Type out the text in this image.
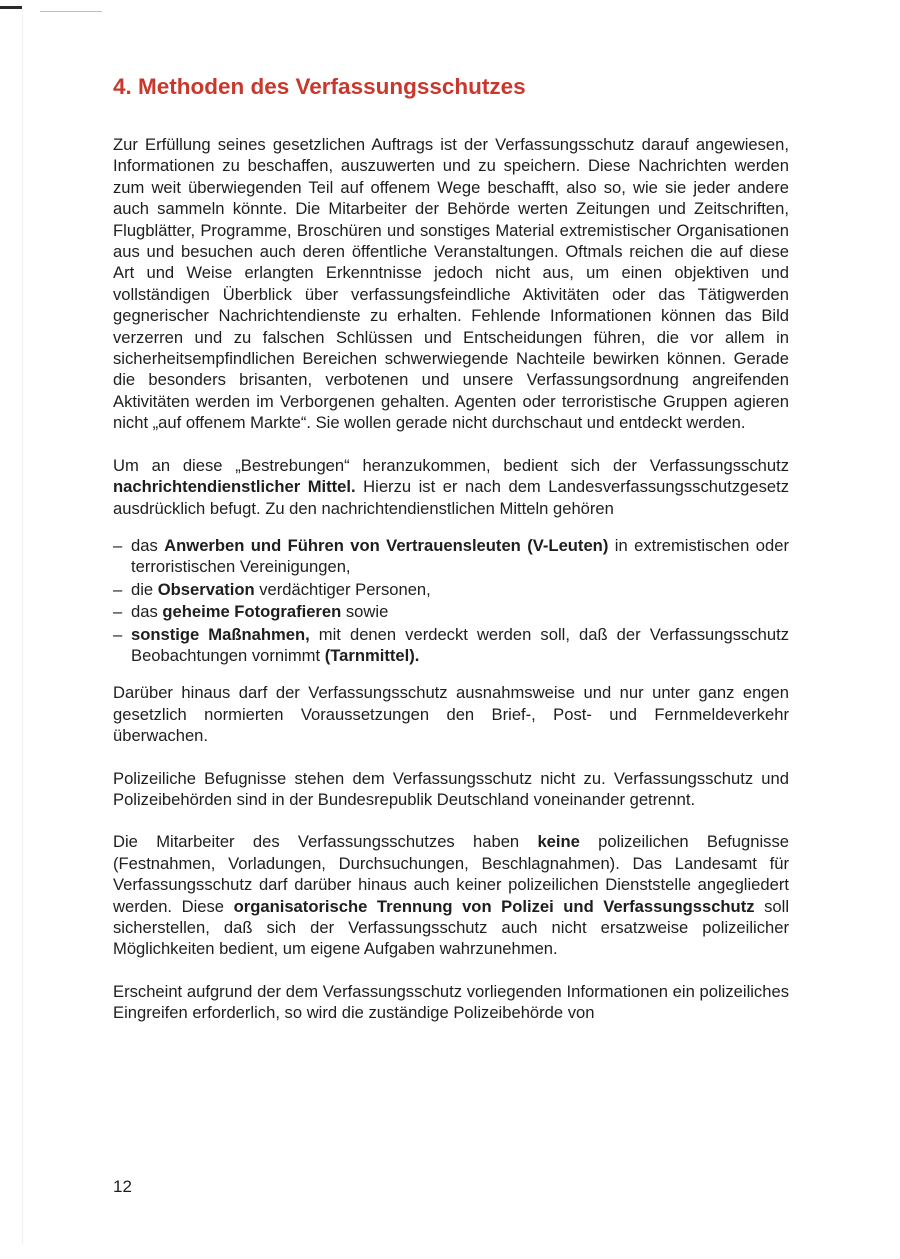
4. Methoden des Verfassungsschutzes

Zur Erfüllung seines gesetzlichen Auftrags ist der Verfassungsschutz darauf angewiesen, Informationen zu beschaffen, auszuwerten und zu speichern. Diese Nachrichten werden zum weit überwiegenden Teil auf offenem Wege beschafft, also so, wie sie jeder andere auch sammeln könnte. Die Mitarbeiter der Behörde werten Zeitungen und Zeitschriften, Flugblätter, Programme, Broschüren und sonstiges Material extremistischer Organisationen aus und besuchen auch deren öffentliche Veranstaltungen. Oftmals reichen die auf diese Art und Weise erlangten Erkenntnisse jedoch nicht aus, um einen objektiven und vollständigen Überblick über verfassungsfeindliche Aktivitäten oder das Tätigwerden gegnerischer Nachrichtendienste zu erhalten. Fehlende Informationen können das Bild verzerren und zu falschen Schlüssen und Entscheidungen führen, die vor allem in sicherheitsempfindlichen Bereichen schwerwiegende Nachteile bewirken können. Gerade die besonders brisanten, verbotenen und unsere Verfassungsordnung angreifenden Aktivitäten werden im Verborgenen gehalten. Agenten oder terroristische Gruppen agieren nicht „auf offenem Markte“. Sie wollen gerade nicht durchschaut und entdeckt werden.

Um an diese „Bestrebungen“ heranzukommen, bedient sich der Verfassungsschutz nachrichtendienstlicher Mittel. Hierzu ist er nach dem Landesverfassungsschutzgesetz ausdrücklich befugt. Zu den nachrichtendienstlichen Mitteln gehören

– das Anwerben und Führen von Vertrauensleuten (V-Leuten) in extremistischen oder terroristischen Vereinigungen,
– die Observation verdächtiger Personen,
– das geheime Fotografieren sowie
– sonstige Maßnahmen, mit denen verdeckt werden soll, daß der Verfassungsschutz Beobachtungen vornimmt (Tarnmittel).

Darüber hinaus darf der Verfassungsschutz ausnahmsweise und nur unter ganz engen gesetzlich normierten Voraussetzungen den Brief-, Post- und Fernmeldeverkehr überwachen.

Polizeiliche Befugnisse stehen dem Verfassungsschutz nicht zu. Verfassungsschutz und Polizeibehörden sind in der Bundesrepublik Deutschland voneinander getrennt.

Die Mitarbeiter des Verfassungsschutzes haben keine polizeilichen Befugnisse (Festnahmen, Vorladungen, Durchsuchungen, Beschlagnahmen). Das Landesamt für Verfassungsschutz darf darüber hinaus auch keiner polizeilichen Dienststelle angegliedert werden. Diese organisatorische Trennung von Polizei und Verfassungsschutz soll sicherstellen, daß sich der Verfassungsschutz auch nicht ersatzweise polizeilicher Möglichkeiten bedient, um eigene Aufgaben wahrzunehmen.

Erscheint aufgrund der dem Verfassungsschutz vorliegenden Informationen ein polizeiliches Eingreifen erforderlich, so wird die zuständige Polizeibehörde von

12
